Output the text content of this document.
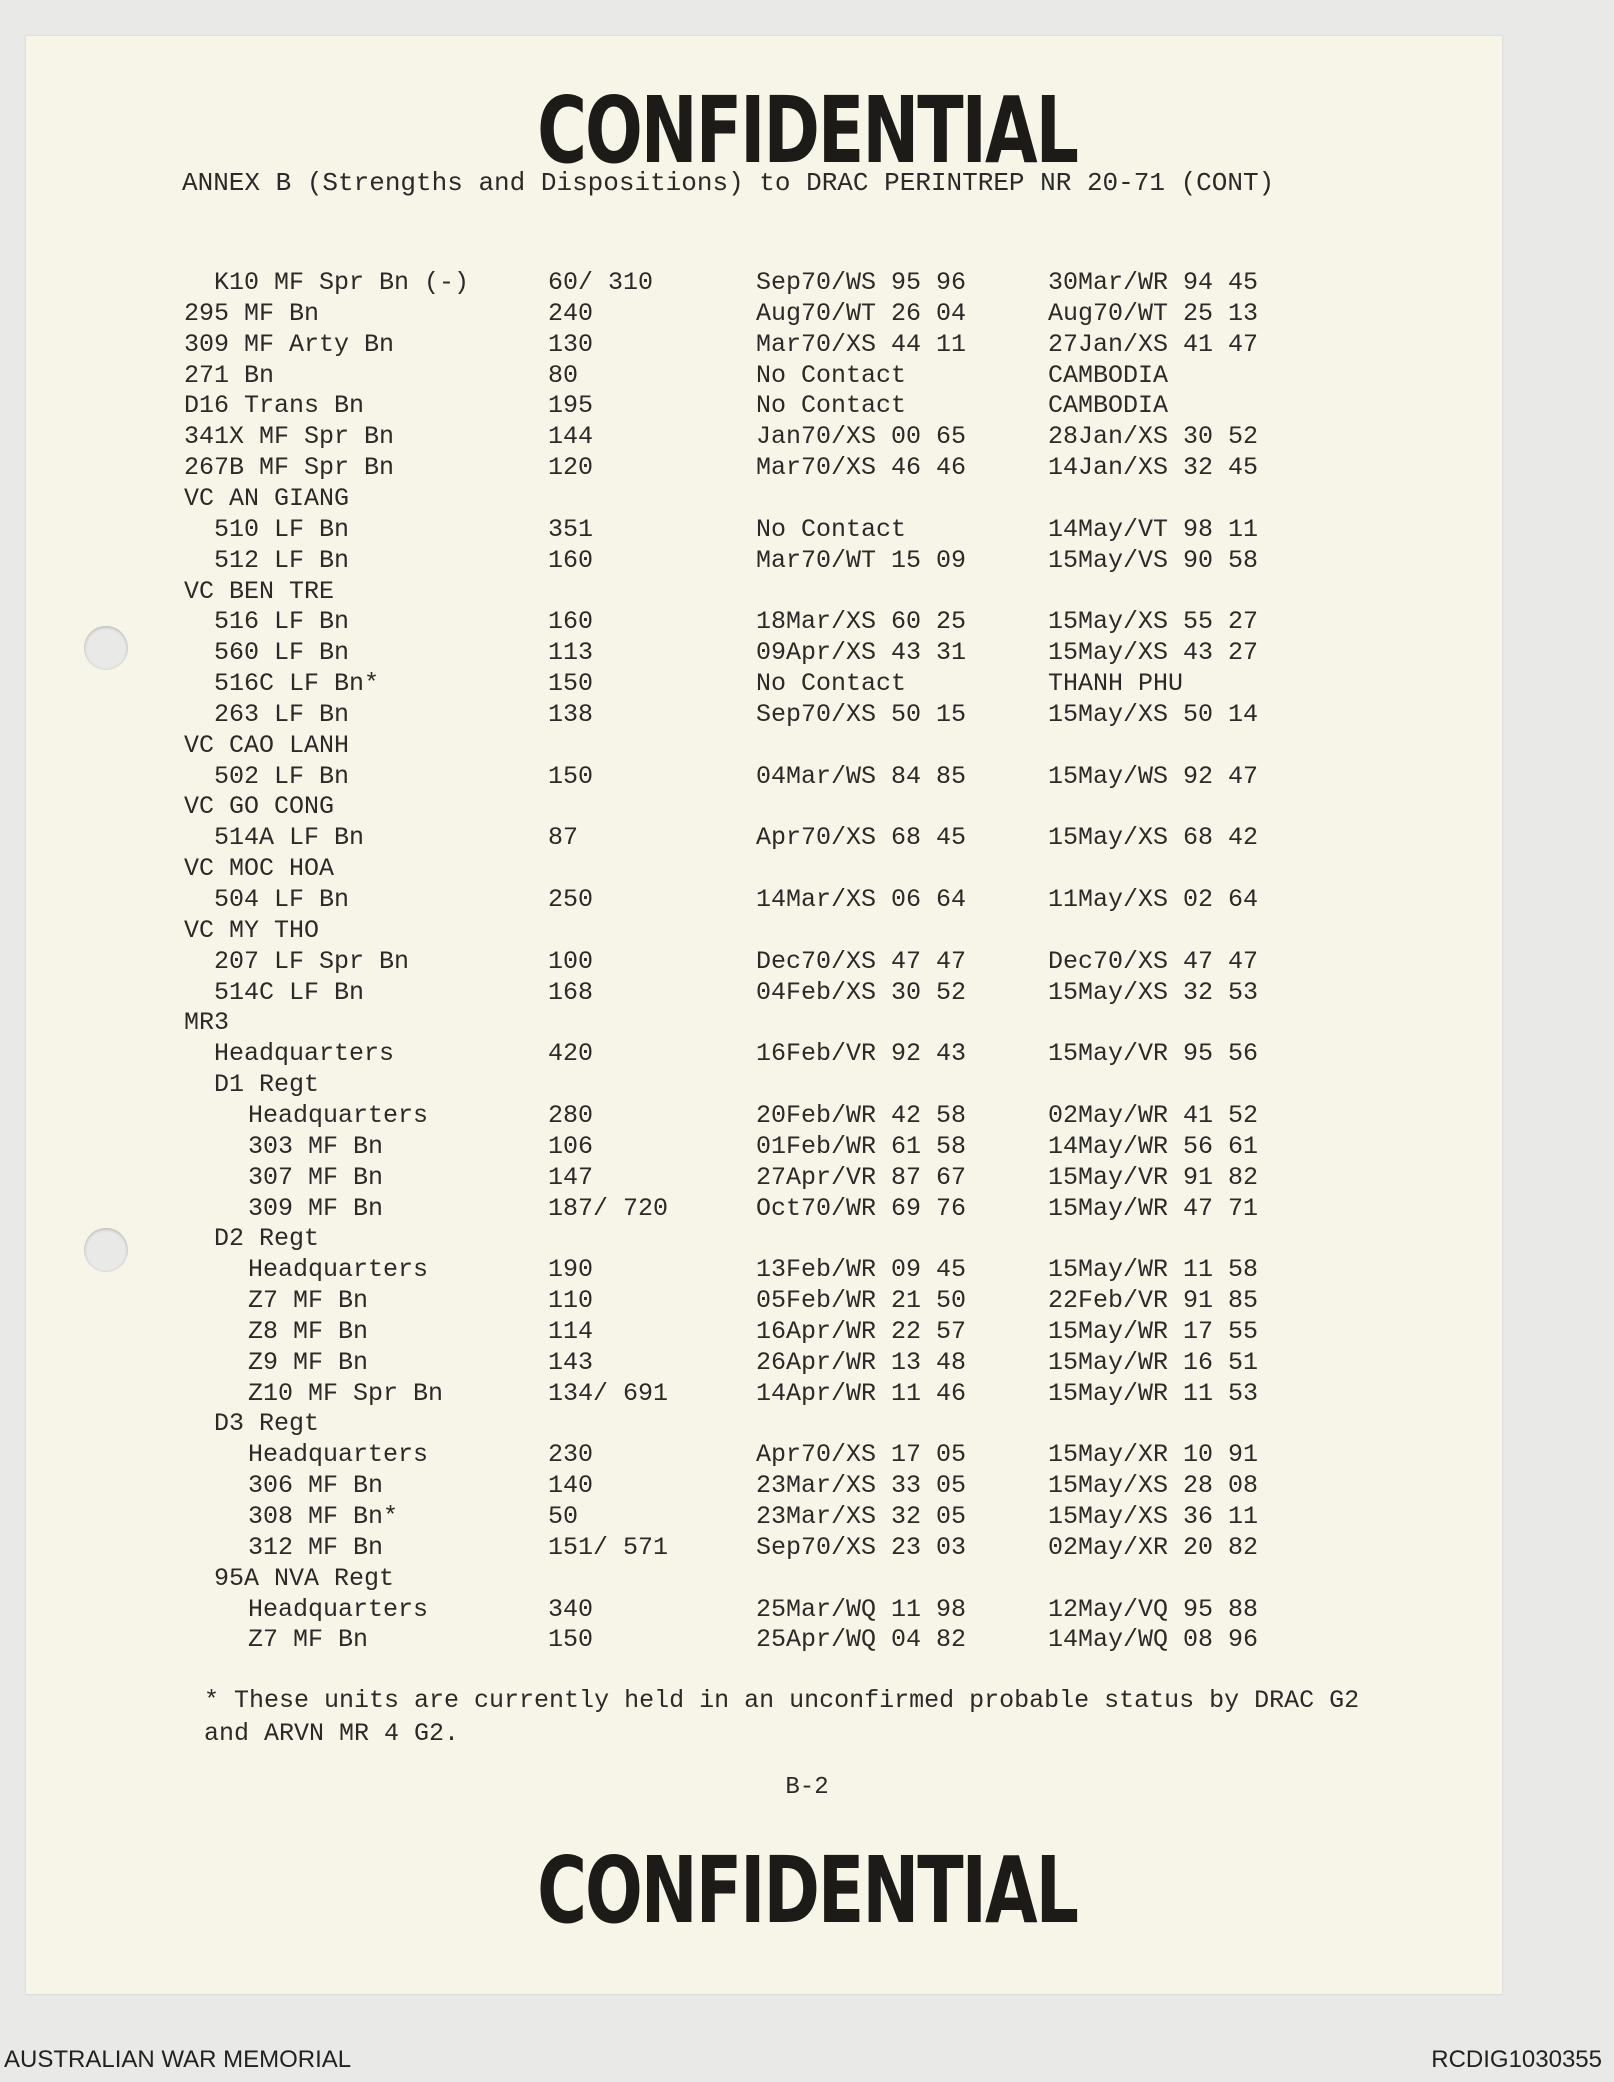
CONFIDENTIAL
ANNEX B (Strengths and Dispositions) to DRAC PERINTREP NR 20-71 (CONT)
K10 MF Spr Bn (-)	60/ 310	Sep70/WS 95 96	30Mar/WR 94 45
295 MF Bn	240	Aug70/WT 26 04	Aug70/WT 25 13
309 MF Arty Bn	130	Mar70/XS 44 11	27Jan/XS 41 47
271 Bn	80	No Contact	CAMBODIA
D16 Trans Bn	195	No Contact	CAMBODIA
341X MF Spr Bn	144	Jan70/XS 00 65	28Jan/XS 30 52
267B MF Spr Bn	120	Mar70/XS 46 46	14Jan/XS 32 45
VC AN GIANG
510 LF Bn	351	No Contact	14May/VT 98 11
512 LF Bn	160	Mar70/WT 15 09	15May/VS 90 58
VC BEN TRE
516 LF Bn	160	18Mar/XS 60 25	15May/XS 55 27
560 LF Bn	113	09Apr/XS 43 31	15May/XS 43 27
516C LF Bn*	150	No Contact	THANH PHU
263 LF Bn	138	Sep70/XS 50 15	15May/XS 50 14
VC CAO LANH
502 LF Bn	150	04Mar/WS 84 85	15May/WS 92 47
VC GO CONG
514A LF Bn	87	Apr70/XS 68 45	15May/XS 68 42
VC MOC HOA
504 LF Bn	250	14Mar/XS 06 64	11May/XS 02 64
VC MY THO
207 LF Spr Bn	100	Dec70/XS 47 47	Dec70/XS 47 47
514C LF Bn	168	04Feb/XS 30 52	15May/XS 32 53
MR3
Headquarters	420	16Feb/VR 92 43	15May/VR 95 56
D1 Regt
Headquarters	280	20Feb/WR 42 58	02May/WR 41 52
303 MF Bn	106	01Feb/WR 61 58	14May/WR 56 61
307 MF Bn	147	27Apr/VR 87 67	15May/VR 91 82
309 MF Bn	187/ 720	Oct70/WR 69 76	15May/WR 47 71
D2 Regt
Headquarters	190	13Feb/WR 09 45	15May/WR 11 58
Z7 MF Bn	110	05Feb/WR 21 50	22Feb/VR 91 85
Z8 MF Bn	114	16Apr/WR 22 57	15May/WR 17 55
Z9 MF Bn	143	26Apr/WR 13 48	15May/WR 16 51
Z10 MF Spr Bn	134/ 691	14Apr/WR 11 46	15May/WR 11 53
D3 Regt
Headquarters	230	Apr70/XS 17 05	15May/XR 10 91
306 MF Bn	140	23Mar/XS 33 05	15May/XS 28 08
308 MF Bn*	50	23Mar/XS 32 05	15May/XS 36 11
312 MF Bn	151/ 571	Sep70/XS 23 03	02May/XR 20 82
95A NVA Regt
Headquarters	340	25Mar/WQ 11 98	12May/VQ 95 88
Z7 MF Bn	150	25Apr/WQ 04 82	14May/WQ 08 96
* These units are currently held in an unconfirmed probable status by DRAC G2 and ARVN MR 4 G2.
B-2
CONFIDENTIAL
AUSTRALIAN WAR MEMORIAL	RCDIG1030355
